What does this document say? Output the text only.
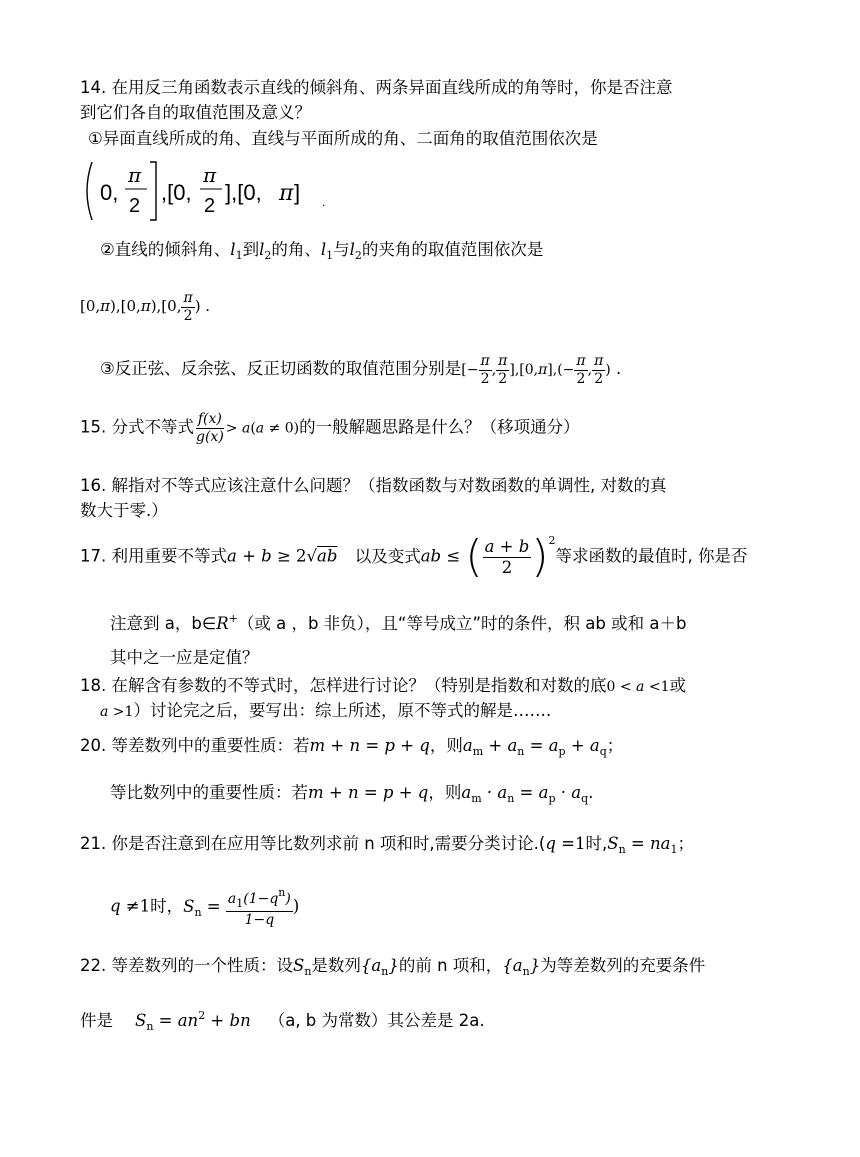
14. 在用反三角函数表示直线的倾斜角、两条异面直线所成的角等时，你是否注意
到它们各自的取值范围及意义？
①异面直线所成的角、直线与平面所成的角、二面角的取值范围依次是
0,
π
2
,[0,
π
2
],[0, π ] .
②直线的倾斜角、$l_1$到$l_2$的角、$l_1$与$l_2$的夹角的取值范围依次是
[0,π),[0,π),[0, $\frac{\pi}{2}$ ) .
③反正弦、反余弦、反正切函数的取值范围分别是[− $\frac{\pi}{2}$ , $\frac{\pi}{2} ],[0,\pi],(- \frac{\pi}{2}$ , $\frac{\pi}{2}$ ) .
15. 分式不等式 $\frac{f(x)}{g(x)} > a(a \ne 0)$的一般解题思路是什么？（移项通分）
16. 解指对不等式应该注意什么问题？（指数函数与对数函数的单调性, 对数的真
数大于零.）
17. 利用重要不等式a + b ≥ 2√ab 以及变式ab ≤ ( $\frac{a + b}{2}$ ) 2
等求函数的最值时, 你是否
注意到 a，b∈R+（或 a ，b 非负），且“等号成立”时的条件，积 ab 或和 a＋b
其中之一应是定值？
18. 在解含有参数的不等式时，怎样进行讨论？（特别是指数和对数的底0 < a <1或
a >1）讨论完之后，要写出：综上所述，原不等式的解是…….
20. 等差数列中的重要性质：若m + n = p + q，则$a_m + a_n = a_p + a_q$；
等比数列中的重要性质：若m + n = p + q，则$a_m \cdot a_n = a_p \cdot a_q$.
21. 你是否注意到在应用等比数列求前 n 项和时,需要分类讨论.(q =1时$,S_n = na_1$；
q ≠1时，$S_n = \frac{a_1(1-q^n)}{1-q}$ )
22. 等差数列的一个性质：设$S_n$是数列$\{a_n\}$的前 n 项和，$\{a_n\}$为等差数列的充要条件
件是 $S_n = an^2$ + bn （a, b 为常数）其公差是 2a.
